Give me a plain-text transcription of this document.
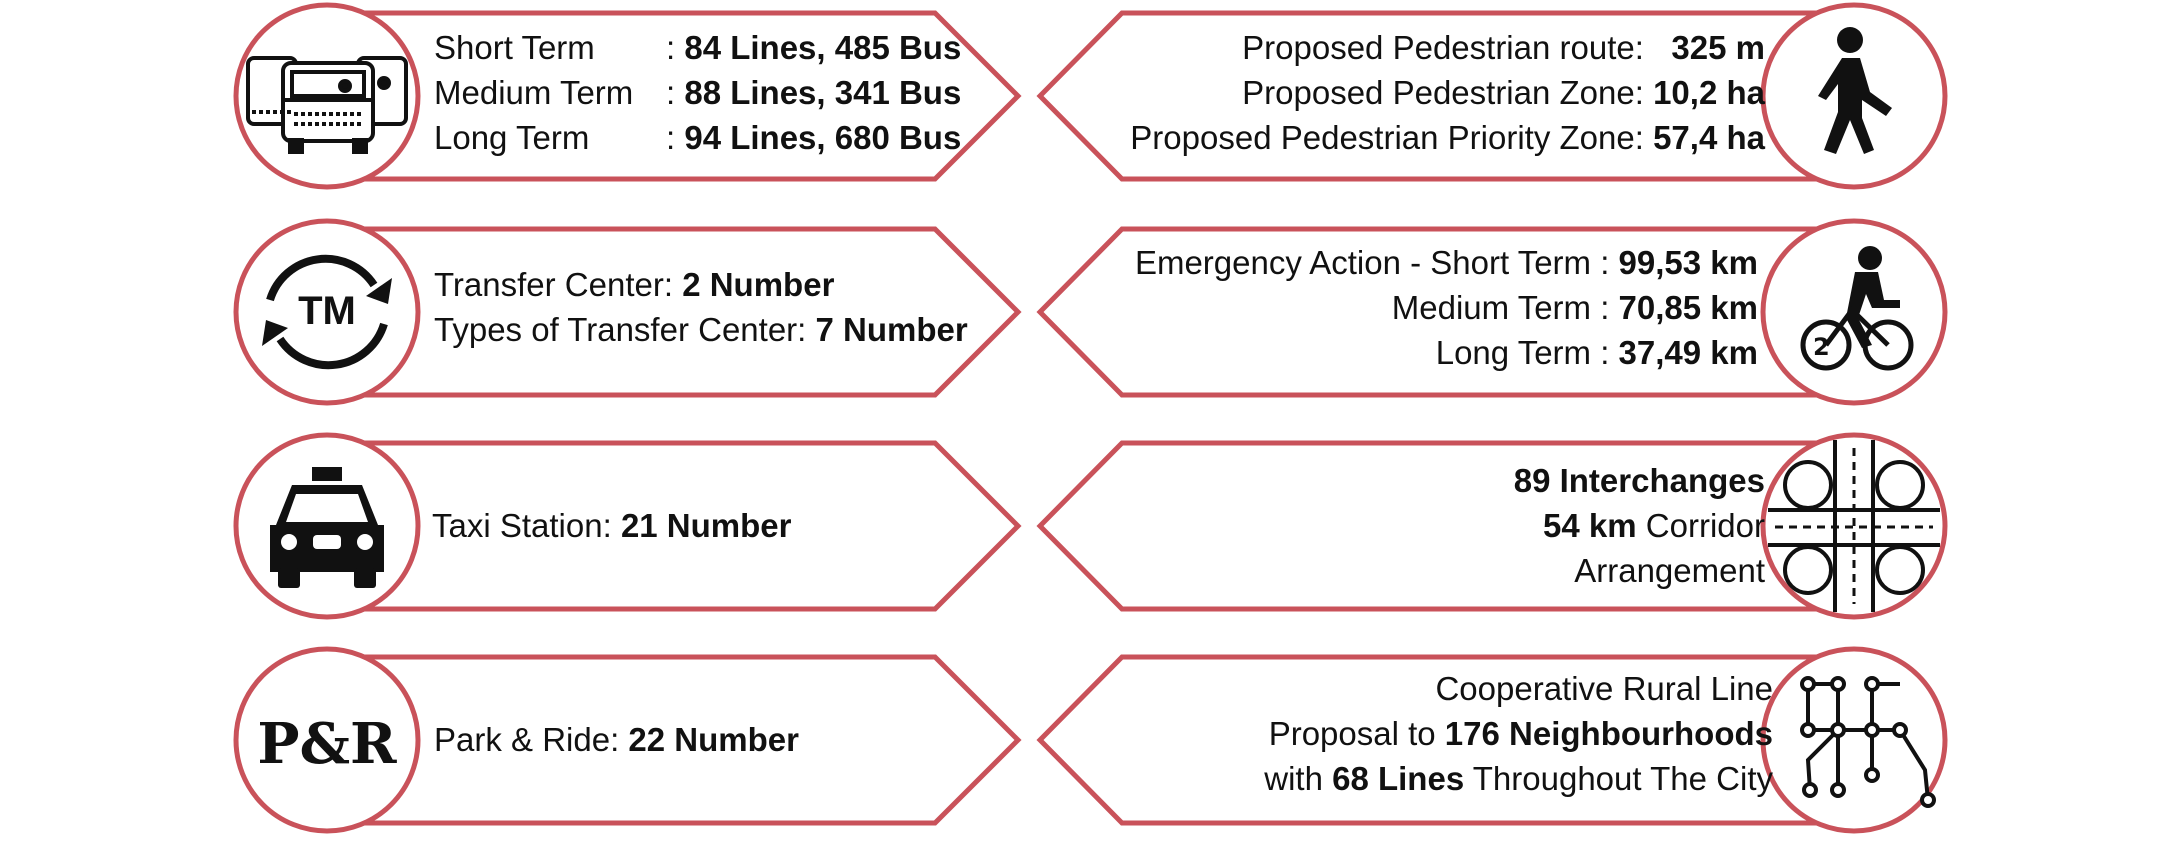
2
TM
P&R
Short Term : 84 Lines, 485 Bus
Medium Term : 88 Lines, 341 Bus
Long Term : 94 Lines, 680 Bus
Proposed Pedestrian route: 325 m
Proposed Pedestrian Zone: 10,2 ha
Proposed Pedestrian Priority Zone: 57,4 ha
Transfer Center: 2 Number
Types of Transfer Center: 7 Number
Emergency Action - Short Term : 99,53 km
Medium Term : 70,85 km
Long Term : 37,49 km
Taxi Station: 21 Number
89 Interchanges
54 km Corridor
Arrangement
Park & Ride: 22 Number
Cooperative Rural Line
Proposal to 176 Neighbourhoods
with 68 Lines Throughout The City
